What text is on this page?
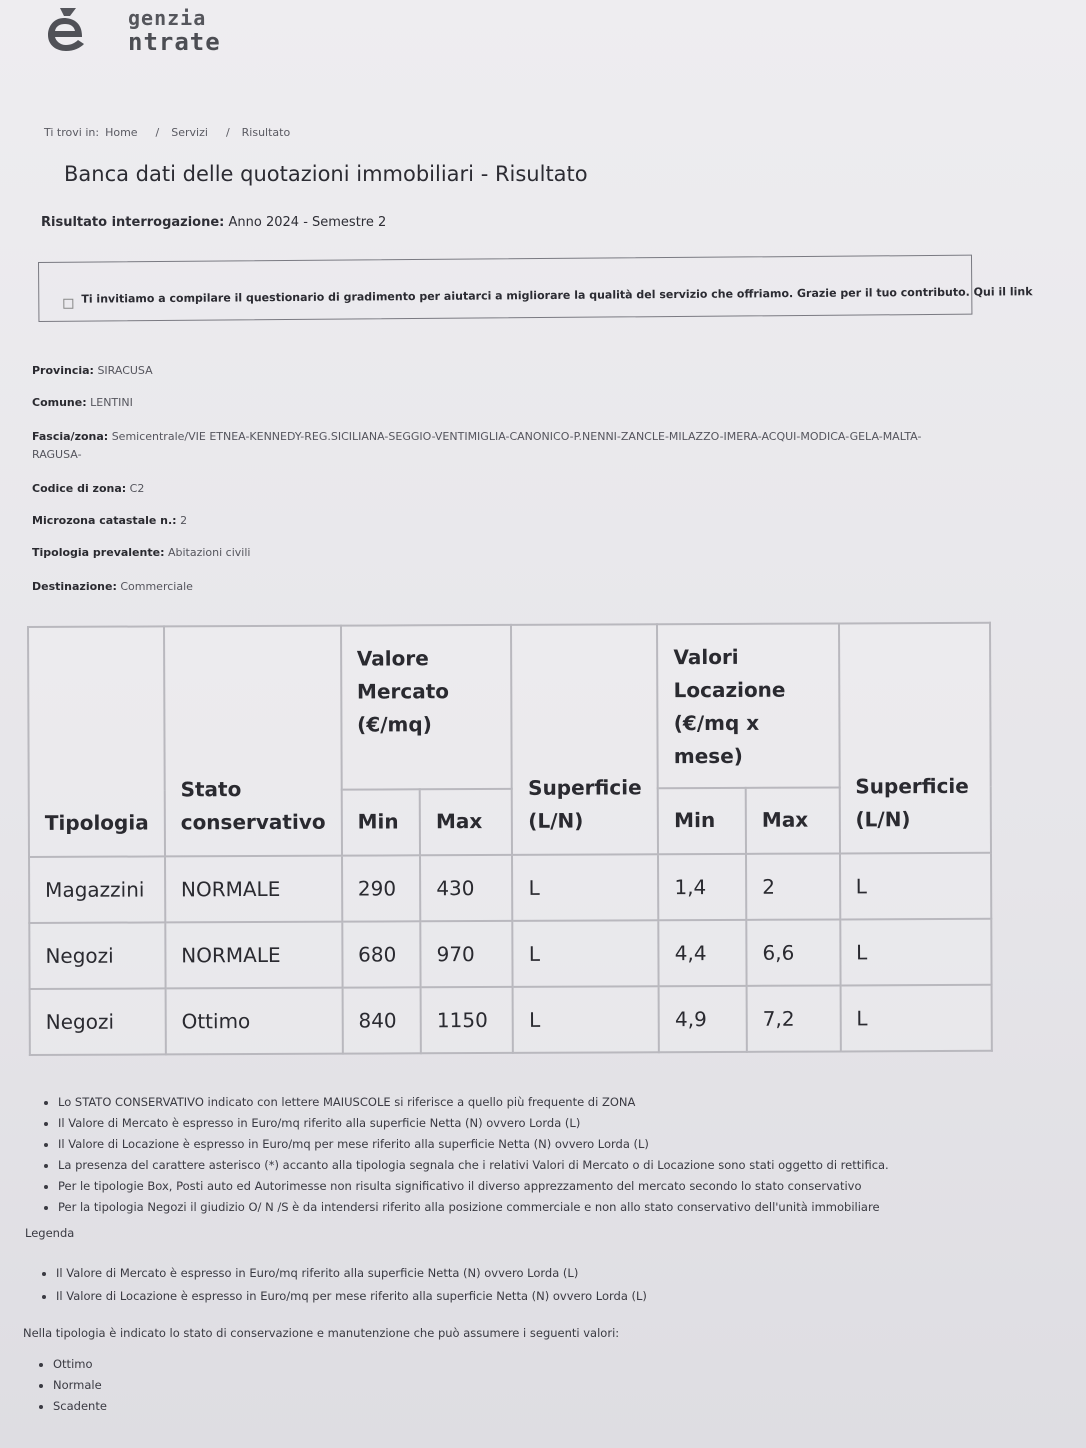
genzia
ntrate
Ti trovi in: Home / Servizi / Risultato
Banca dati delle quotazioni immobiliari - Risultato
Risultato interrogazione: Anno 2024 - Semestre 2
Ti invitiamo a compilare il questionario di gradimento per aiutarci a migliorare la qualità del servizio che offriamo. Grazie per il tuo contributo. Qui il link
Provincia: SIRACUSA
Comune: LENTINI
Fascia/zona: Semicentrale/VIE ETNEA-KENNEDY-REG.SICILIANA-SEGGIO-VENTIMIGLIA-CANONICO-P.NENNI-ZANCLE-MILAZZO-IMERA-ACQUI-MODICA-GELA-MALTA-RAGUSA-
Codice di zona: C2
Microzona catastale n.: 2
Tipologia prevalente: Abitazioni civili
Destinazione: Commerciale
Tipologia	Stato conservativo	Valore Mercato (€/mq)		Superficie (L/N)	Valori Locazione (€/mq x mese)		Superficie (L/N)
		Min	Max		Min	Max	
Magazzini	NORMALE	290	430	L	1,4	2	L
Negozi	NORMALE	680	970	L	4,4	6,6	L
Negozi	Ottimo	840	1150	L	4,9	7,2	L
• Lo STATO CONSERVATIVO indicato con lettere MAIUSCOLE si riferisce a quello più frequente di ZONA
• Il Valore di Mercato è espresso in Euro/mq riferito alla superficie Netta (N) ovvero Lorda (L)
• Il Valore di Locazione è espresso in Euro/mq per mese riferito alla superficie Netta (N) ovvero Lorda (L)
• La presenza del carattere asterisco (*) accanto alla tipologia segnala che i relativi Valori di Mercato o di Locazione sono stati oggetto di rettifica.
• Per le tipologie Box, Posti auto ed Autorimesse non risulta significativo il diverso apprezzamento del mercato secondo lo stato conservativo
• Per la tipologia Negozi il giudizio O/ N /S è da intendersi riferito alla posizione commerciale e non allo stato conservativo dell'unità immobiliare
Legenda
• Il Valore di Mercato è espresso in Euro/mq riferito alla superficie Netta (N) ovvero Lorda (L)
• Il Valore di Locazione è espresso in Euro/mq per mese riferito alla superficie Netta (N) ovvero Lorda (L)
Nella tipologia è indicato lo stato di conservazione e manutenzione che può assumere i seguenti valori:
• Ottimo
• Normale
• Scadente
